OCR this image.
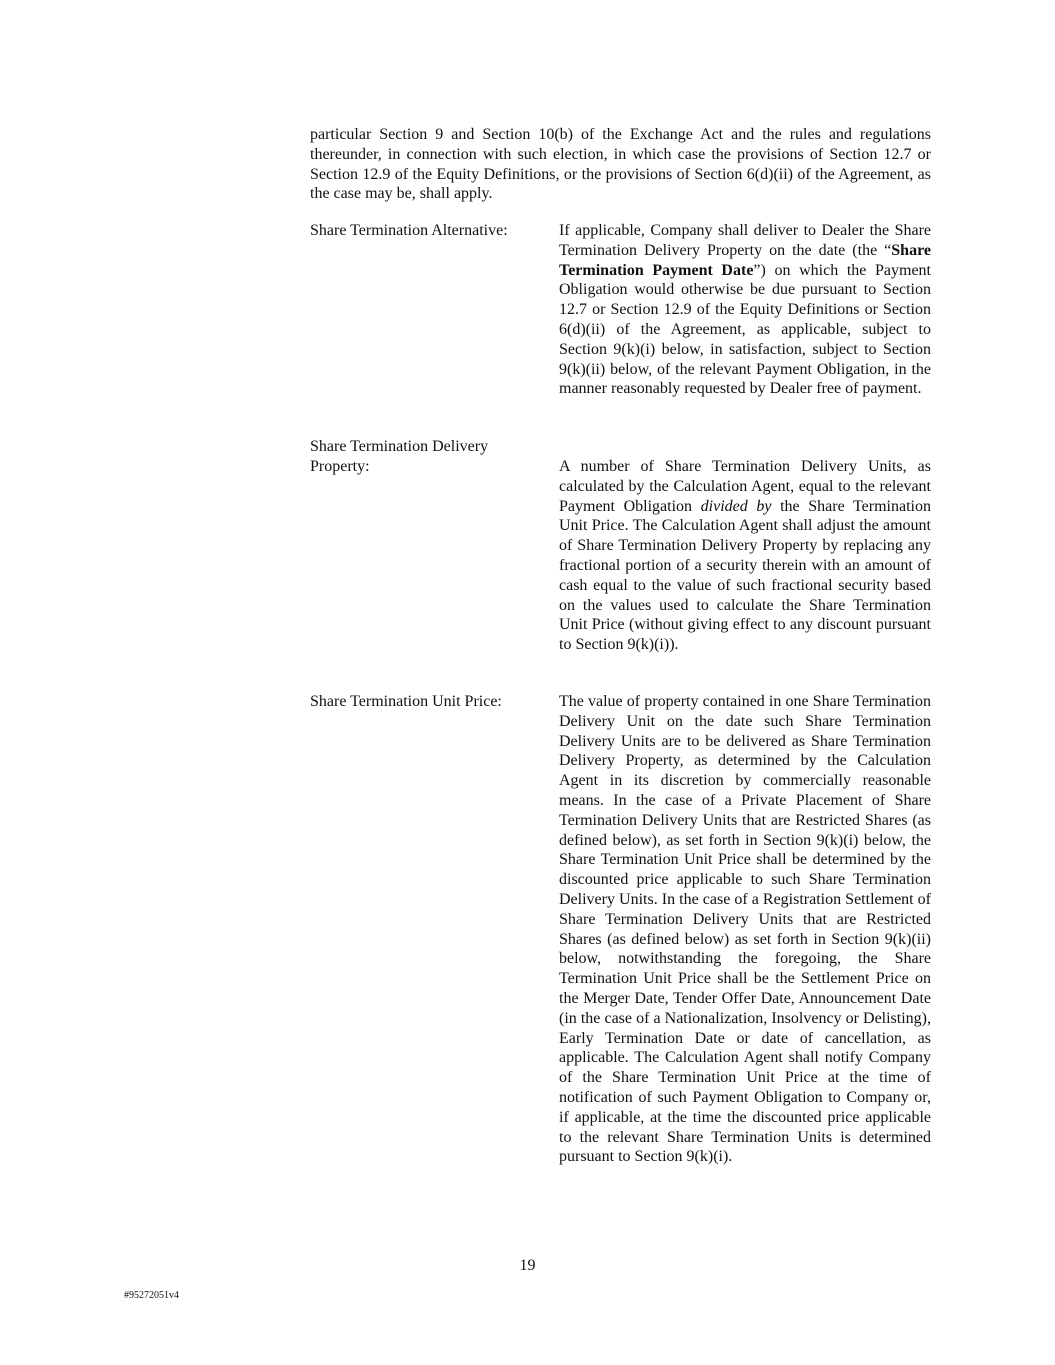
particular Section 9 and Section 10(b) of the Exchange Act and the rules and regulations thereunder, in connection with such election, in which case the provisions of Section 12.7 or Section 12.9 of the Equity Definitions, or the provisions of Section 6(d)(ii) of the Agreement, as the case may be, shall apply.

Share Termination Alternative:	If applicable, Company shall deliver to Dealer the Share Termination Delivery Property on the date (the “Share Termination Payment Date”) on which the Payment Obligation would otherwise be due pursuant to Section 12.7 or Section 12.9 of the Equity Definitions or Section 6(d)(ii) of the Agreement, as applicable, subject to Section 9(k)(i) below, in satisfaction, subject to Section 9(k)(ii) below, of the relevant Payment Obligation, in the manner reasonably requested by Dealer free of payment.

Share Termination Delivery
Property:	A number of Share Termination Delivery Units, as calculated by the Calculation Agent, equal to the relevant Payment Obligation divided by the Share Termination Unit Price. The Calculation Agent shall adjust the amount of Share Termination Delivery Property by replacing any fractional portion of a security therein with an amount of cash equal to the value of such fractional security based on the values used to calculate the Share Termination Unit Price (without giving effect to any discount pursuant to Section 9(k)(i)).

Share Termination Unit Price:	The value of property contained in one Share Termination Delivery Unit on the date such Share Termination Delivery Units are to be delivered as Share Termination Delivery Property, as determined by the Calculation Agent in its discretion by commercially reasonable means. In the case of a Private Placement of Share Termination Delivery Units that are Restricted Shares (as defined below), as set forth in Section 9(k)(i) below, the Share Termination Unit Price shall be determined by the discounted price applicable to such Share Termination Delivery Units. In the case of a Registration Settlement of Share Termination Delivery Units that are Restricted Shares (as defined below) as set forth in Section 9(k)(ii) below, notwithstanding the foregoing, the Share Termination Unit Price shall be the Settlement Price on the Merger Date, Tender Offer Date, Announcement Date (in the case of a Nationalization, Insolvency or Delisting), Early Termination Date or date of cancellation, as applicable. The Calculation Agent shall notify Company of the Share Termination Unit Price at the time of notification of such Payment Obligation to Company or, if applicable, at the time the discounted price applicable to the relevant Share Termination Units is determined pursuant to Section 9(k)(i).

19

#95272051v4
